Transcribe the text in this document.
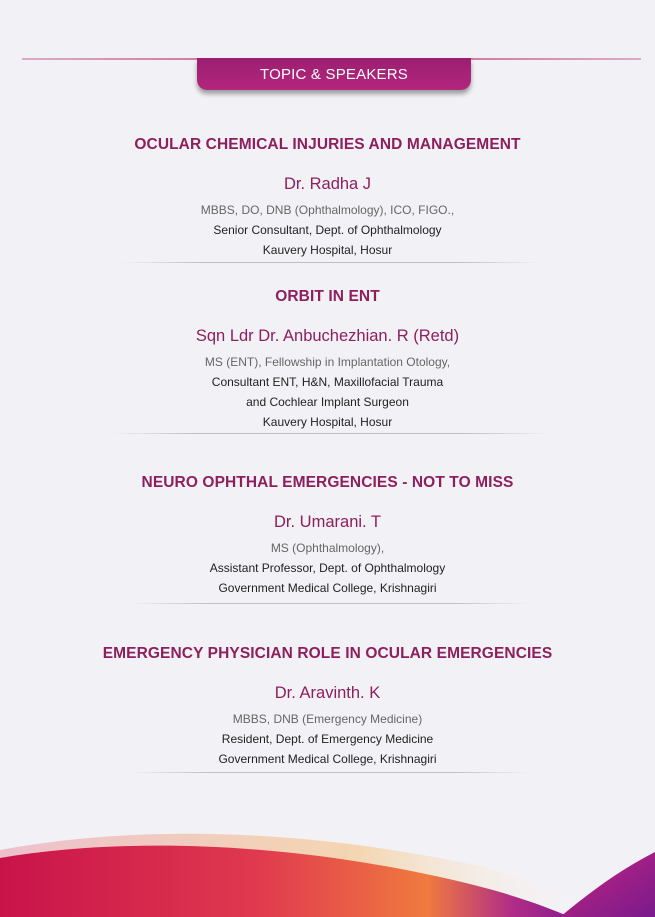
TOPIC & SPEAKERS
OCULAR CHEMICAL INJURIES AND MANAGEMENT
Dr. Radha J
MBBS, DO, DNB (Ophthalmology), ICO, FIGO.,
Senior Consultant, Dept. of Ophthalmology
Kauvery Hospital, Hosur
ORBIT IN ENT
Sqn Ldr Dr. Anbuchezhian. R (Retd)
MS (ENT), Fellowship in Implantation Otology,
Consultant ENT, H&N, Maxillofacial Trauma
and Cochlear Implant Surgeon
Kauvery Hospital, Hosur
NEURO OPHTHAL EMERGENCIES - NOT TO MISS
Dr. Umarani. T
MS (Ophthalmology),
Assistant Professor, Dept. of Ophthalmology
Government Medical College, Krishnagiri
EMERGENCY PHYSICIAN ROLE IN OCULAR EMERGENCIES
Dr. Aravinth. K
MBBS, DNB (Emergency Medicine)
Resident, Dept. of Emergency Medicine
Government Medical College, Krishnagiri
